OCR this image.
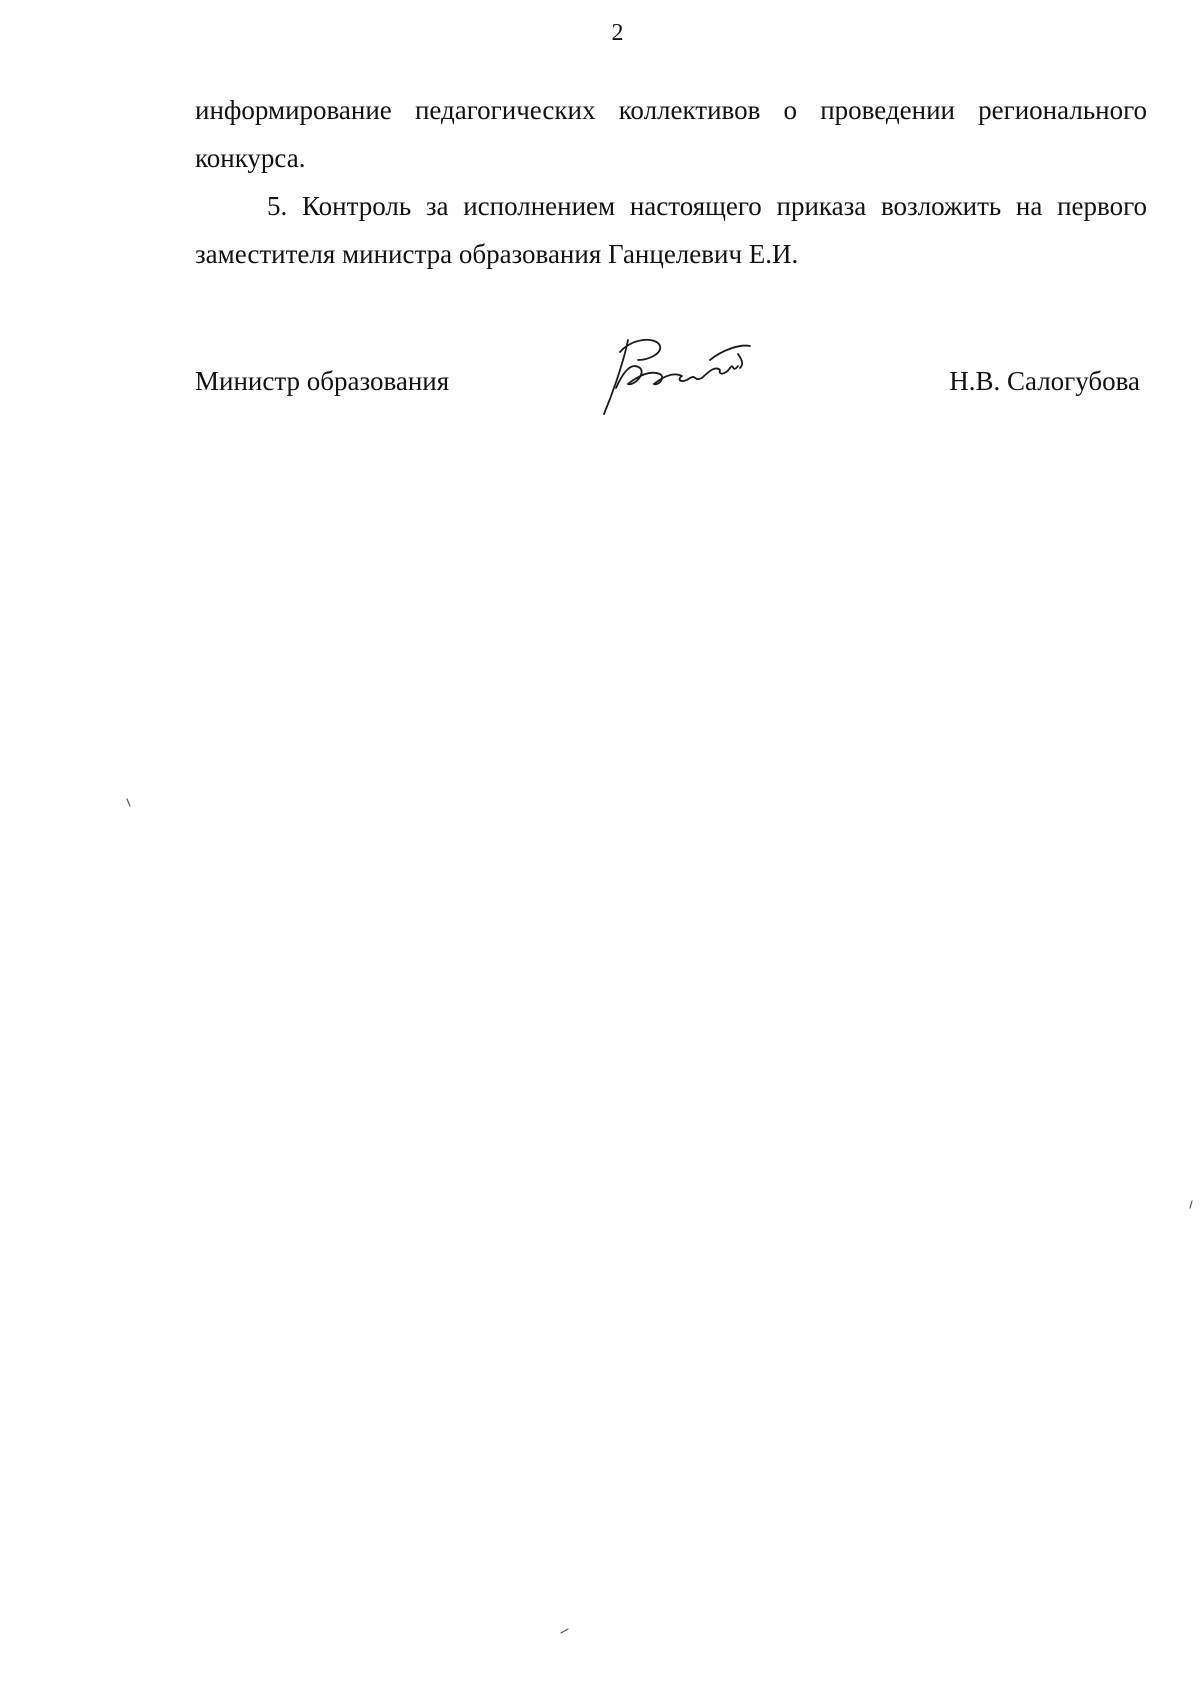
2

информирование педагогических коллективов о проведении регионального конкурса.

5. Контроль за исполнением настоящего приказа возложить на первого заместителя министра образования Ганцелевич Е.И.

Министр образования	Н.В. Салогубова
